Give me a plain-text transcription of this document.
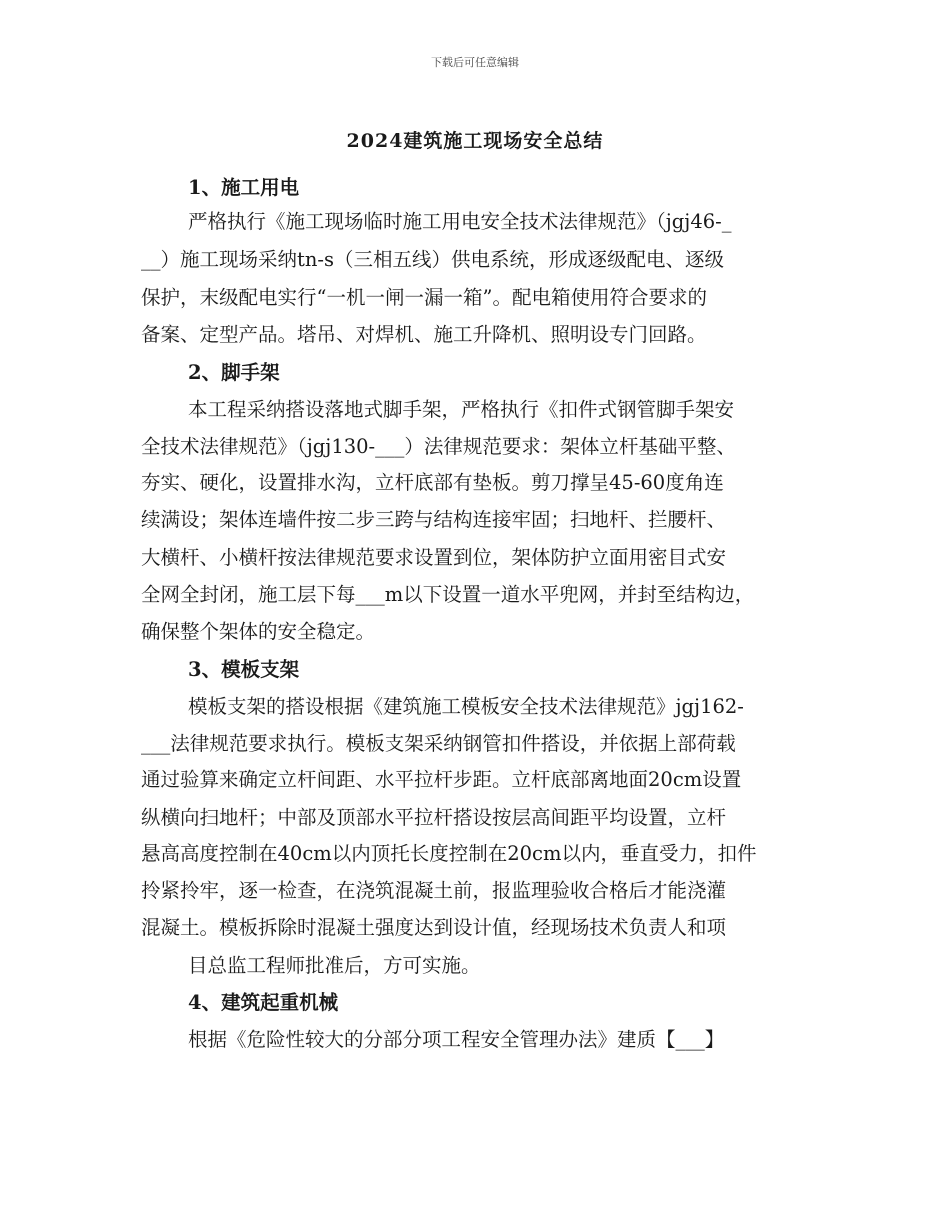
下载后可任意编辑
2024建筑施工现场安全总结
1、施工用电
严格执行《施工现场临时施工用电安全技术法律规范》（jgj46-_
__）施工现场采纳tn-s（三相五线）供电系统，形成逐级配电、逐级
保护，末级配电实行“一机一闸一漏一箱”。配电箱使用符合要求的
备案、定型产品。塔吊、对焊机、施工升降机、照明设专门回路。
2、脚手架
本工程采纳搭设落地式脚手架，严格执行《扣件式钢管脚手架安
全技术法律规范》（jgj130-___）法律规范要求：架体立杆基础平整、
夯实、硬化，设置排水沟，立杆底部有垫板。剪刀撑呈45-60度角连
续满设；架体连墙件按二步三跨与结构连接牢固；扫地杆、拦腰杆、
大横杆、小横杆按法律规范要求设置到位，架体防护立面用密目式安
全网全封闭，施工层下每___m以下设置一道水平兜网，并封至结构边，
确保整个架体的安全稳定。
3、模板支架
模板支架的搭设根据《建筑施工模板安全技术法律规范》jgj162-
___法律规范要求执行。模板支架采纳钢管扣件搭设，并依据上部荷载
通过验算来确定立杆间距、水平拉杆步距。立杆底部离地面20cm设置
纵横向扫地杆；中部及顶部水平拉杆搭设按层高间距平均设置，立杆
悬高高度控制在40cm以内顶托长度控制在20cm以内，垂直受力，扣件
拎紧拎牢，逐一检查，在浇筑混凝土前，报监理验收合格后才能浇灌
混凝土。模板拆除时混凝土强度达到设计值，经现场技术负责人和项
目总监工程师批准后，方可实施。
4、建筑起重机械
根据《危险性较大的分部分项工程安全管理办法》建质【___】
